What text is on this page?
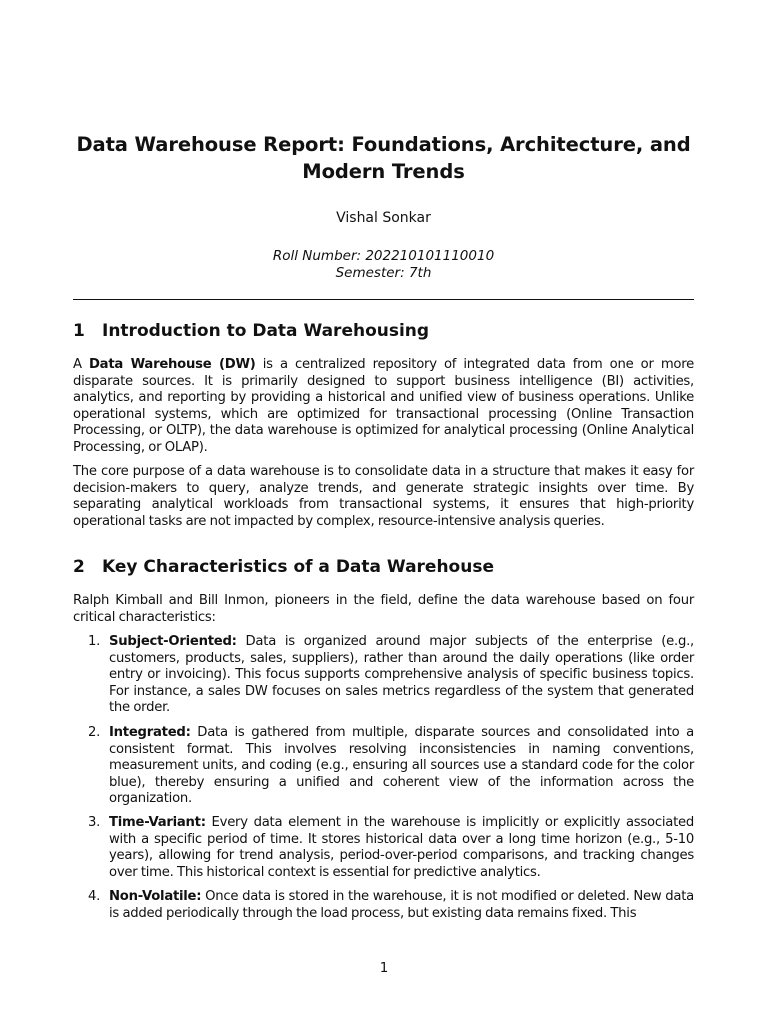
Data Warehouse Report: Foundations, Architecture, and Modern Trends
Vishal Sonkar
Roll Number: 202210101110010
Semester: 7th
1 Introduction to Data Warehousing
A Data Warehouse (DW) is a centralized repository of integrated data from one or more disparate sources. It is primarily designed to support business intelligence (BI) activities, analytics, and reporting by providing a historical and unified view of business operations. Unlike operational systems, which are optimized for transactional processing (Online Transaction Processing, or OLTP), the data warehouse is optimized for analytical processing (Online Analytical Processing, or OLAP).
The core purpose of a data warehouse is to consolidate data in a structure that makes it easy for decision-makers to query, analyze trends, and generate strategic insights over time. By separating analytical workloads from transactional systems, it ensures that high-priority operational tasks are not impacted by complex, resource-intensive analysis queries.
2 Key Characteristics of a Data Warehouse
Ralph Kimball and Bill Inmon, pioneers in the field, define the data warehouse based on four critical characteristics:
1. Subject-Oriented: Data is organized around major subjects of the enterprise (e.g., customers, products, sales, suppliers), rather than around the daily operations (like order entry or invoicing). This focus supports comprehensive analysis of specific business topics. For instance, a sales DW focuses on sales metrics regardless of the system that generated the order.
2. Integrated: Data is gathered from multiple, disparate sources and consolidated into a consistent format. This involves resolving inconsistencies in naming conventions, measurement units, and coding (e.g., ensuring all sources use a standard code for the color blue), thereby ensuring a unified and coherent view of the information across the organization.
3. Time-Variant: Every data element in the warehouse is implicitly or explicitly associated with a specific period of time. It stores historical data over a long time horizon (e.g., 5-10 years), allowing for trend analysis, period-over-period comparisons, and tracking changes over time. This historical context is essential for predictive analytics.
4. Non-Volatile: Once data is stored in the warehouse, it is not modified or deleted. New data is added periodically through the load process, but existing data remains fixed. This
1
